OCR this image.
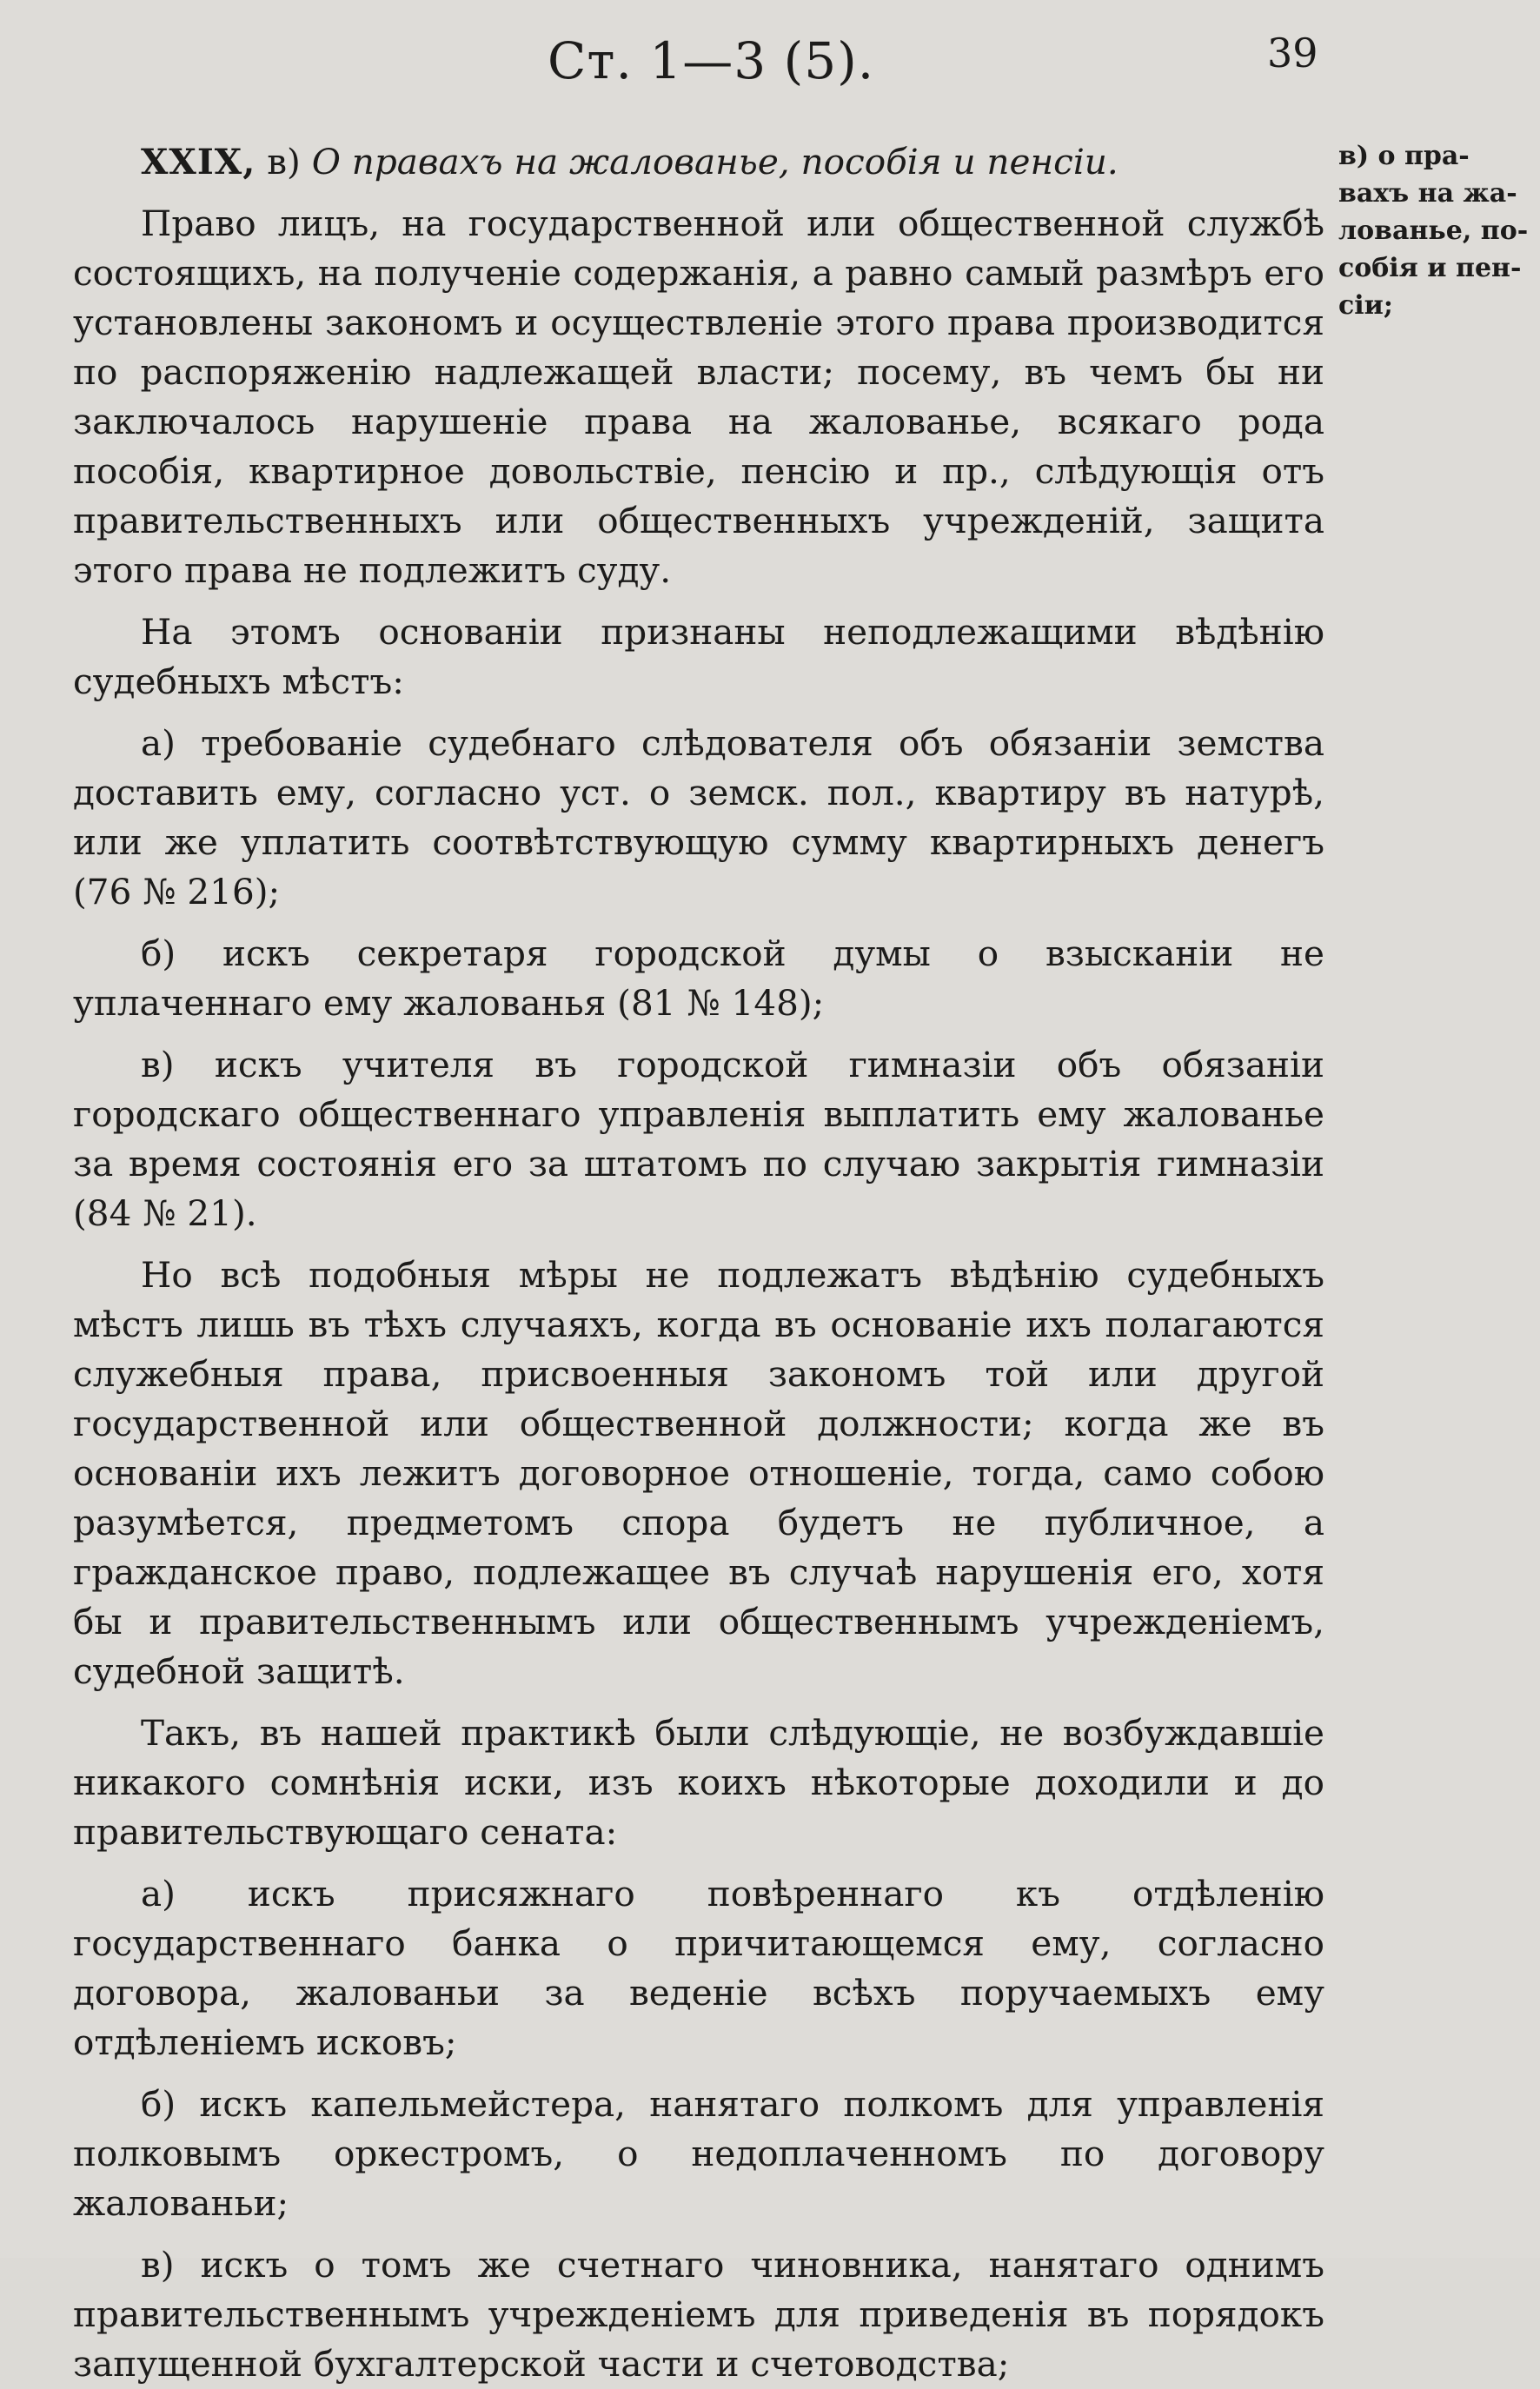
Ст. 1—3 (5).	39
в) о пра-
вахъ на жа-
лованье, по-
собія и пен-
сіи;

XXIX, в) О правахъ на жалованье, пособія и пенсіи.

Право лицъ, на государственной или общественной службѣ состоящихъ, на полученіе содержанія, а равно самый размѣръ его установлены закономъ и осуществленіе этого права производится по распоряженію надлежащей власти; посему, въ чемъ бы ни заключалось нарушеніе права на жалованье, всякаго рода пособія, квартирное довольствіе, пенсію и пр., слѣдующія отъ правительственныхъ или общественныхъ учрежденій, защита этого права не подлежитъ суду.

На этомъ основаніи признаны неподлежащими вѣдѣнію судебныхъ мѣстъ:

а) требованіе судебнаго слѣдователя объ обязаніи земства доставить ему, согласно уст. о земск. пол., квартиру въ натурѣ, или же уплатить соотвѣтствующую сумму квартирныхъ денегъ (76 № 216);

б) искъ секретаря городской думы о взысканіи не уплаченнаго ему жалованья (81 № 148);

в) искъ учителя въ городской гимназіи объ обязаніи городскаго общественнаго управленія выплатить ему жалованье за время состоянія его за штатомъ по случаю закрытія гимназіи (84 № 21).

Но всѣ подобныя мѣры не подлежатъ вѣдѣнію судебныхъ мѣстъ лишь въ тѣхъ случаяхъ, когда въ основаніе ихъ полагаются служебныя права, присвоенныя закономъ той или другой государственной или общественной должности; когда же въ основаніи ихъ лежитъ договорное отношеніе, тогда, само собою разумѣется, предметомъ спора будетъ не публичное, а гражданское право, подлежащее въ случаѣ нарушенія его, хотя бы и правительственнымъ или общественнымъ учрежденіемъ, судебной защитѣ.

Такъ, въ нашей практикѣ были слѣдующіе, не возбуждавшіе никакого сомнѣнія иски, изъ коихъ нѣкоторые доходили и до правительствующаго сената:

а) искъ присяжнаго повѣреннаго къ отдѣленію государственнаго банка о причитающемся ему, согласно договора, жалованьи за веденіе всѣхъ поручаемыхъ ему отдѣленіемъ исковъ;

б) искъ капельмейстера, нанятаго полкомъ для управленія полковымъ оркестромъ, о недоплаченномъ по договору жалованьи;

в) искъ о томъ же счетнаго чиновника, нанятаго однимъ правительственнымъ учрежденіемъ для приведенія въ порядокъ запущенной бухгалтерской части и счетоводства;
